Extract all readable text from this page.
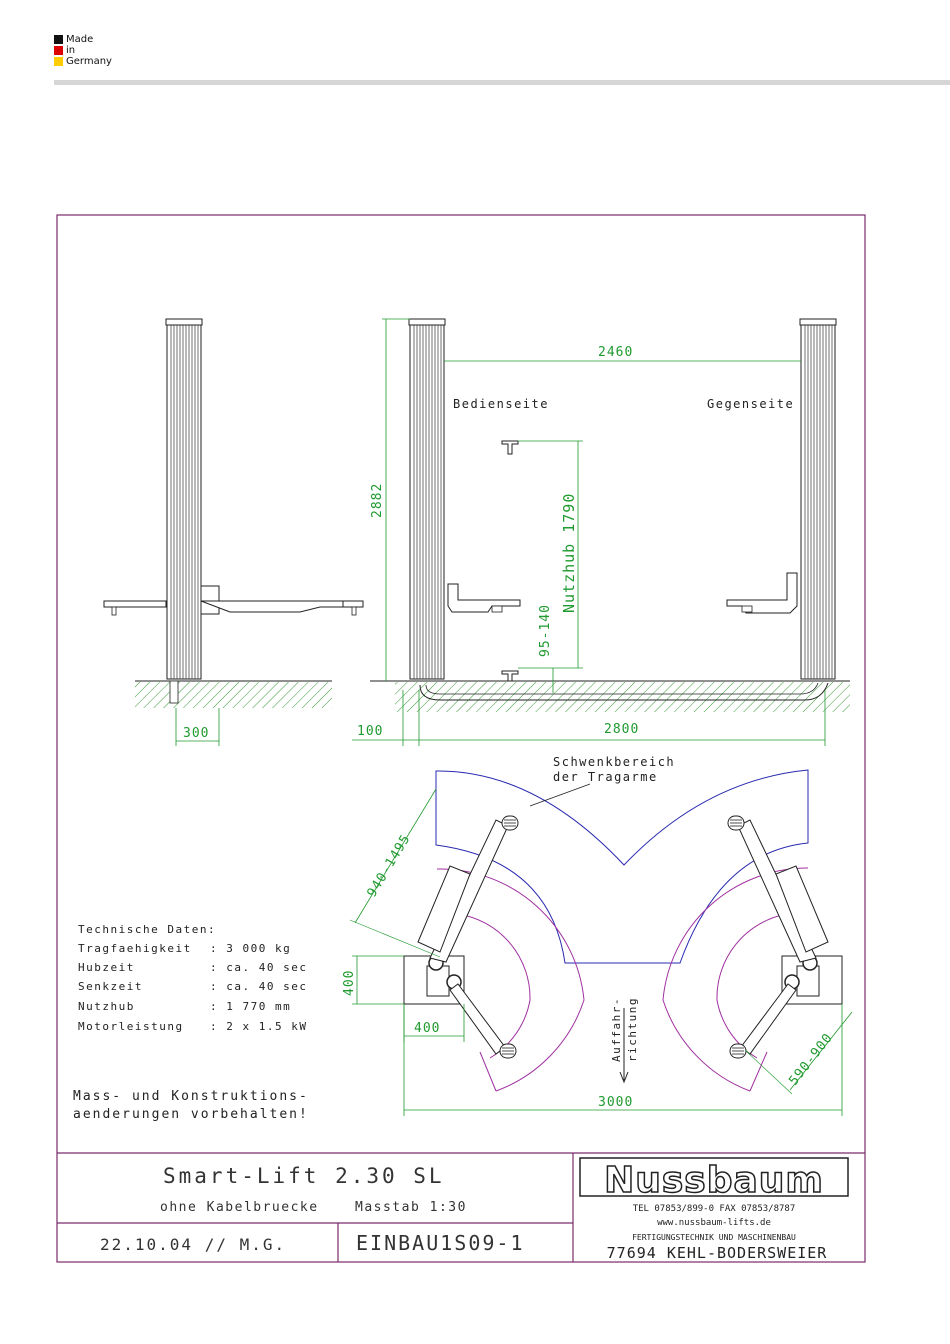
Made
in
Germany
300
2460
Bedienseite	Gegenseite
2882	Nutzhub 1790
95-140
100	2800
Schwenkbereich
der Tragarme
Auffahr- richtung
940-1495
400
400
590-900
3000
Technische Daten:
Tragfaehigkeit : 3 000 kg
Hubzeit	: ca. 40 sec
Senkzeit	: ca. 40 sec
Nutzhub	: 1 770 mm
Motorleistung : 2 x 1.5 kW
Mass- und Konstruktions-
aenderungen vorbehalten!
Smart-Lift 2.30 SL
ohne Kabelbruecke	Masstab 1:30
22.10.04 // M.G.	EINBAU1S09-1
Nussbaum
TEL 07853/899-0 FAX 07853/8787
www.nussbaum-lifts.de
FERTIGUNGSTECHNIK UND MASCHINENBAU
77694 KEHL-BODERSWEIER
